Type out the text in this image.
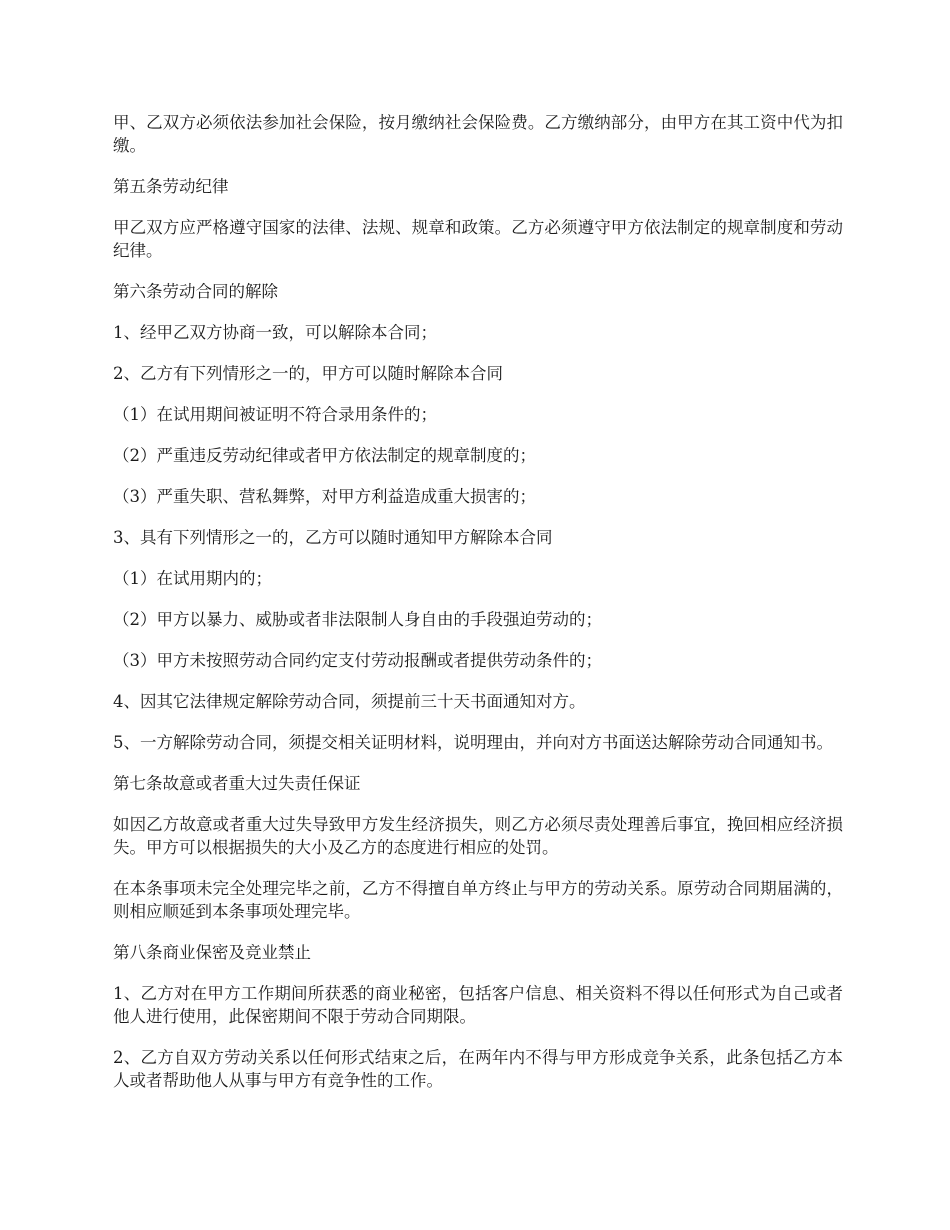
甲、乙双方必须依法参加社会保险，按月缴纳社会保险费。乙方缴纳部分，由甲方在其工资中代为扣缴。

第五条劳动纪律

甲乙双方应严格遵守国家的法律、法规、规章和政策。乙方必须遵守甲方依法制定的规章制度和劳动纪律。

第六条劳动合同的解除

1、经甲乙双方协商一致，可以解除本合同；

2、乙方有下列情形之一的，甲方可以随时解除本合同

（1）在试用期间被证明不符合录用条件的；

（2）严重违反劳动纪律或者甲方依法制定的规章制度的；

（3）严重失职、营私舞弊，对甲方利益造成重大损害的；

3、具有下列情形之一的，乙方可以随时通知甲方解除本合同

（1）在试用期内的；

（2）甲方以暴力、威胁或者非法限制人身自由的手段强迫劳动的；

（3）甲方未按照劳动合同约定支付劳动报酬或者提供劳动条件的；

4、因其它法律规定解除劳动合同，须提前三十天书面通知对方。

5、一方解除劳动合同，须提交相关证明材料，说明理由，并向对方书面送达解除劳动合同通知书。

第七条故意或者重大过失责任保证

如因乙方故意或者重大过失导致甲方发生经济损失，则乙方必须尽责处理善后事宜，挽回相应经济损失。甲方可以根据损失的大小及乙方的态度进行相应的处罚。

在本条事项未完全处理完毕之前，乙方不得擅自单方终止与甲方的劳动关系。原劳动合同期届满的，则相应顺延到本条事项处理完毕。

第八条商业保密及竞业禁止

1、乙方对在甲方工作期间所获悉的商业秘密，包括客户信息、相关资料不得以任何形式为自己或者他人进行使用，此保密期间不限于劳动合同期限。

2、乙方自双方劳动关系以任何形式结束之后，在两年内不得与甲方形成竞争关系，此条包括乙方本人或者帮助他人从事与甲方有竞争性的工作。
